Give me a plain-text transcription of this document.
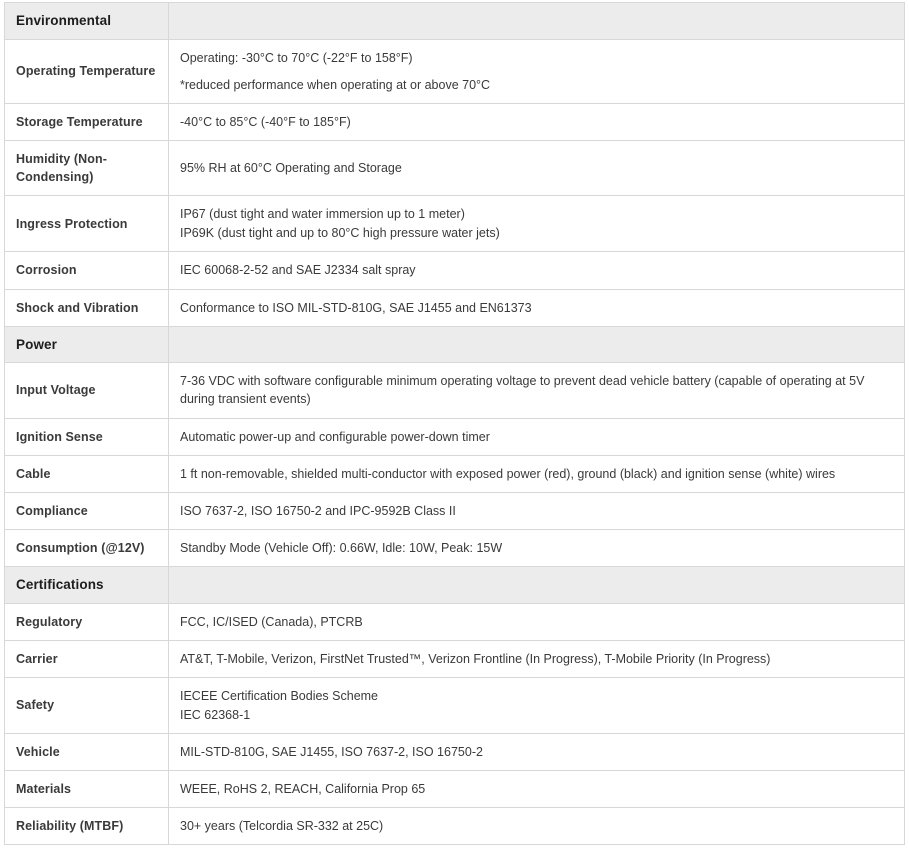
Environmental	
Operating Temperature	Operating: -30°C to 70°C (-22°F to 158°F)
*reduced performance when operating at or above 70°C

Storage Temperature	-40°C to 85°C (-40°F to 185°F)

Humidity (Non-Condensing)	95% RH at 60°C Operating and Storage

Ingress Protection	IP67 (dust tight and water immersion up to 1 meter)
IP69K (dust tight and up to 80°C high pressure water jets)

Corrosion	IEC 60068-2-52 and SAE J2334 salt spray

Shock and Vibration	Conformance to ISO MIL-STD-810G, SAE J1455 and EN61373

Power	
Input Voltage	7-36 VDC with software configurable minimum operating voltage to prevent dead vehicle battery (capable of operating at 5V during transient events)

Ignition Sense	Automatic power-up and configurable power-down timer

Cable	1 ft non-removable, shielded multi-conductor with exposed power (red), ground (black) and ignition sense (white) wires

Compliance	ISO 7637-2, ISO 16750-2 and IPC-9592B Class II

Consumption (@12V)	Standby Mode (Vehicle Off): 0.66W, Idle: 10W, Peak: 15W

Certifications	
Regulatory	FCC, IC/ISED (Canada), PTCRB

Carrier	AT&T, T-Mobile, Verizon, FirstNet Trusted™, Verizon Frontline (In Progress), T-Mobile Priority (In Progress)

Safety	IECEE Certification Bodies Scheme
IEC 62368-1

Vehicle	MIL-STD-810G, SAE J1455, ISO 7637-2, ISO 16750-2

Materials	WEEE, RoHS 2, REACH, California Prop 65

Reliability (MTBF)	30+ years (Telcordia SR-332 at 25C)
